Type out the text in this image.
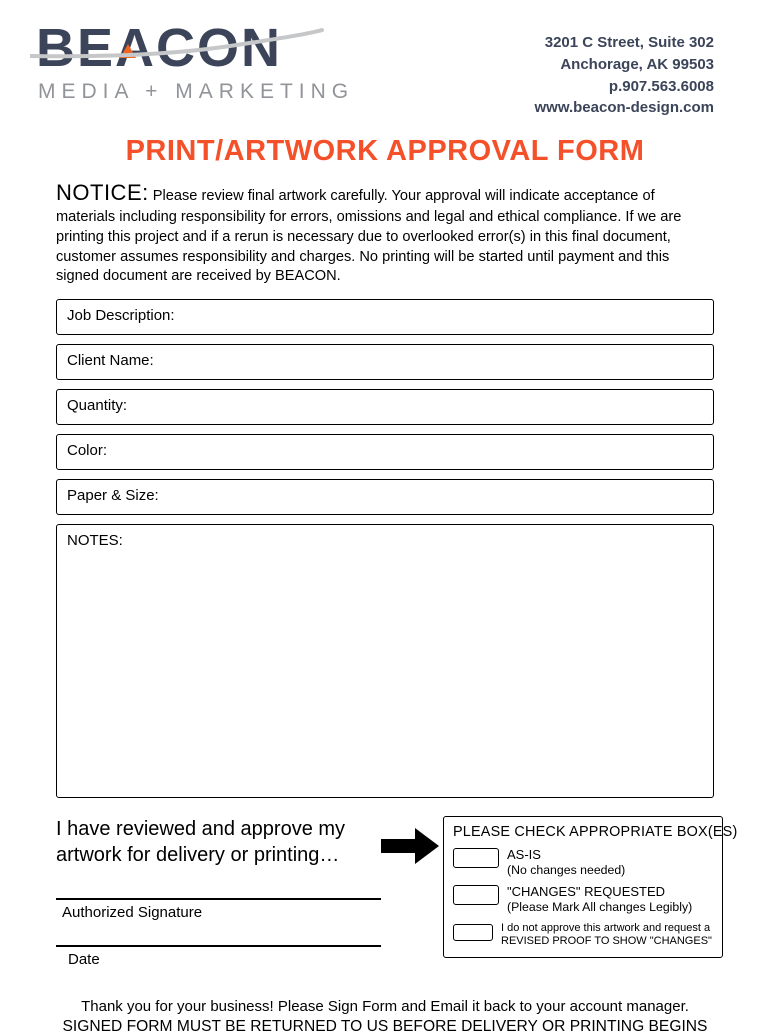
BEACON
MEDIA + MARKETING
3201 C Street, Suite 302
Anchorage, AK 99503
p.907.563.6008
www.beacon-design.com
PRINT/ARTWORK APPROVAL FORM

NOTICE: Please review final artwork carefully. Your approval will indicate acceptance of materials including responsibility for errors, omissions and legal and ethical compliance. If we are printing this project and if a rerun is necessary due to overlooked error(s) in this final document, customer assumes responsibility and charges. No printing will be started until payment and this signed document are received by BEACON.

Job Description:
Client Name:
Quantity:
Color:
Paper & Size:
NOTES:
I have reviewed and approve my artwork for delivery or printing…
Authorized Signature
Date
PLEASE CHECK APPROPRIATE BOX(ES)
AS-IS
(No changes needed)
"CHANGES" REQUESTED
(Please Mark All changes Legibly)
I do not approve this artwork and request a
REVISED PROOF TO SHOW "CHANGES"
Thank you for your business! Please Sign Form and Email it back to your account manager.
SIGNED FORM MUST BE RETURNED TO US BEFORE DELIVERY OR PRINTING BEGINS
